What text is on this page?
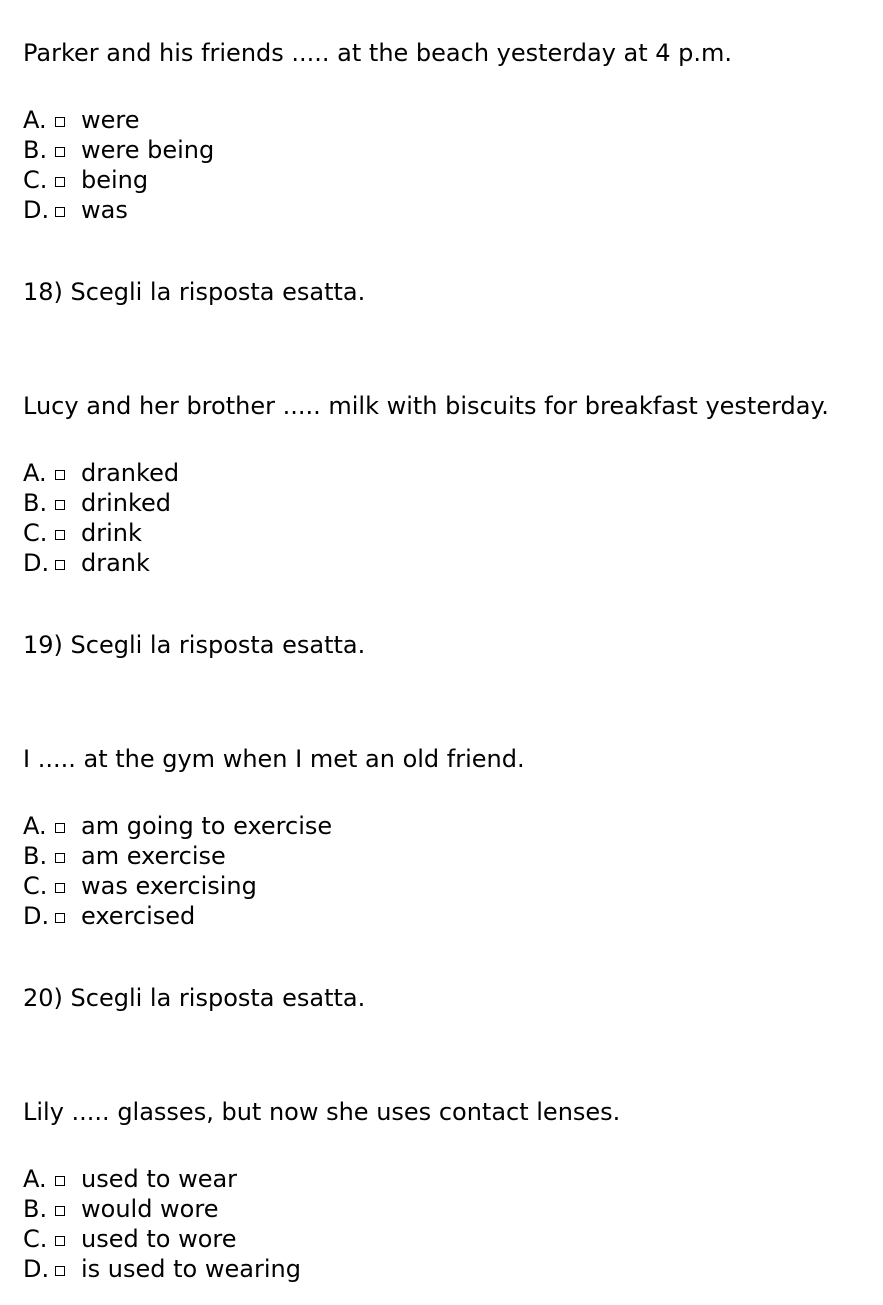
Parker and his friends ..... at the beach yesterday at 4 p.m.
A. were
B. were being
C. being
D. was
18) Scegli la risposta esatta.
Lucy and her brother ..... milk with biscuits for breakfast yesterday.
A. dranked
B. drinked
C. drink
D. drank
19) Scegli la risposta esatta.
I ..... at the gym when I met an old friend.
A. am going to exercise
B. am exercise
C. was exercising
D. exercised
20) Scegli la risposta esatta.
Lily ..... glasses, but now she uses contact lenses.
A. used to wear
B. would wore
C. used to wore
D. is used to wearing
